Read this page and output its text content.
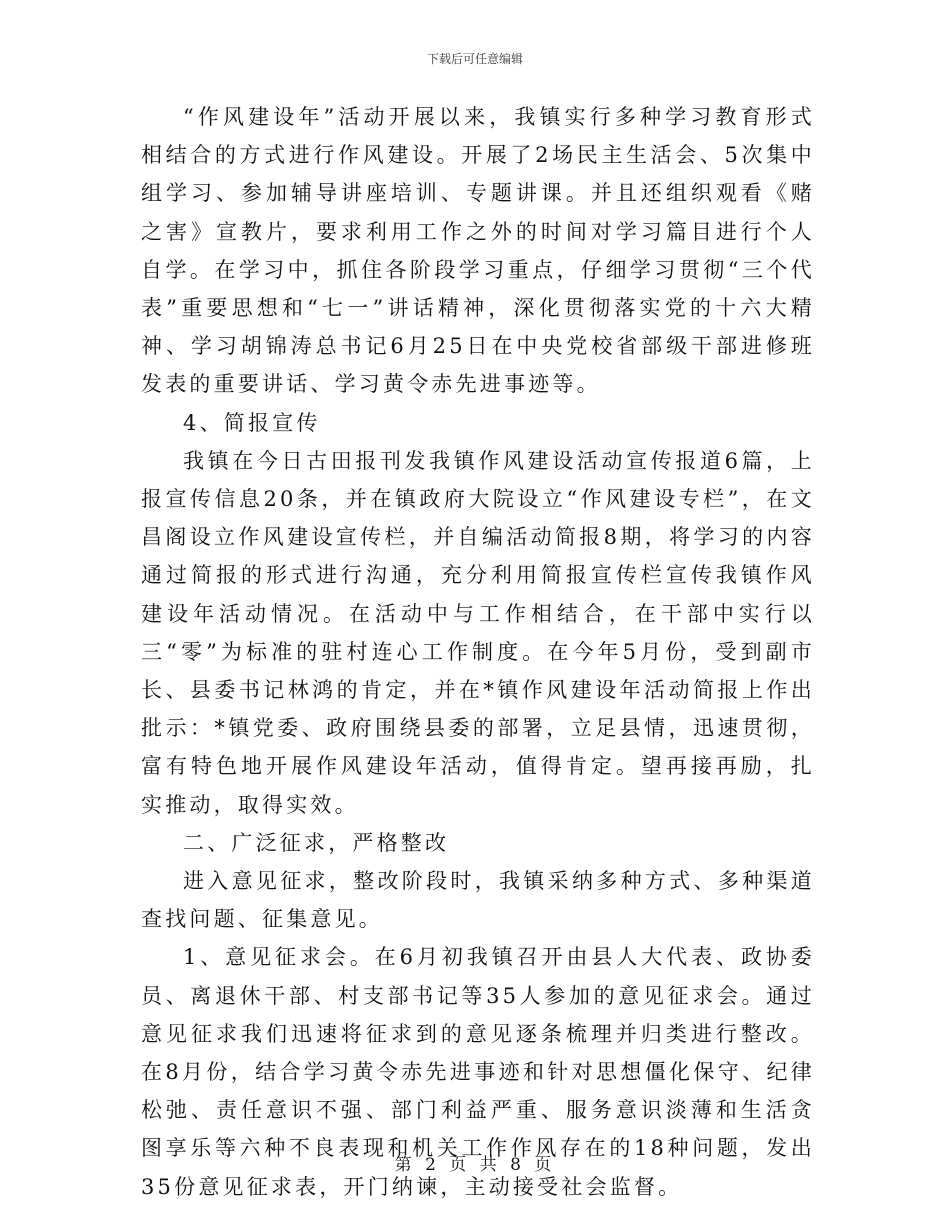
下载后可任意编辑

“作风建设年”活动开展以来，我镇实行多种学习教育形式相结合的方式进行作风建设。开展了2场民主生活会、5次集中组学习、参加辅导讲座培训、专题讲课。并且还组织观看《赌之害》宣教片，要求利用工作之外的时间对学习篇目进行个人自学。在学习中，抓住各阶段学习重点，仔细学习贯彻“三个代表”重要思想和“七一”讲话精神，深化贯彻落实党的十六大精神、学习胡锦涛总书记6月25日在中央党校省部级干部进修班发表的重要讲话、学习黄令赤先进事迹等。

4、简报宣传

我镇在今日古田报刊发我镇作风建设活动宣传报道6篇，上报宣传信息20条，并在镇政府大院设立“作风建设专栏”，在文昌阁设立作风建设宣传栏，并自编活动简报8期，将学习的内容通过简报的形式进行沟通，充分利用简报宣传栏宣传我镇作风建设年活动情况。在活动中与工作相结合，在干部中实行以三“零”为标准的驻村连心工作制度。在今年5月份，受到副市长、县委书记林鸿的肯定，并在*镇作风建设年活动简报上作出批示：*镇党委、政府围绕县委的部署，立足县情，迅速贯彻，富有特色地开展作风建设年活动，值得肯定。望再接再励，扎实推动，取得实效。

二、广泛征求，严格整改

进入意见征求，整改阶段时，我镇采纳多种方式、多种渠道查找问题、征集意见。

1、意见征求会。在6月初我镇召开由县人大代表、政协委员、离退休干部、村支部书记等35人参加的意见征求会。通过意见征求我们迅速将征求到的意见逐条梳理并归类进行整改。在8月份，结合学习黄令赤先进事迹和针对思想僵化保守、纪律松弛、责任意识不强、部门利益严重、服务意识淡薄和生活贪图享乐等六种不良表现和机关工作作风存在的18种问题，发出35份意见征求表，开门纳谏，主动接受社会监督。

第 2 页 共 8 页
